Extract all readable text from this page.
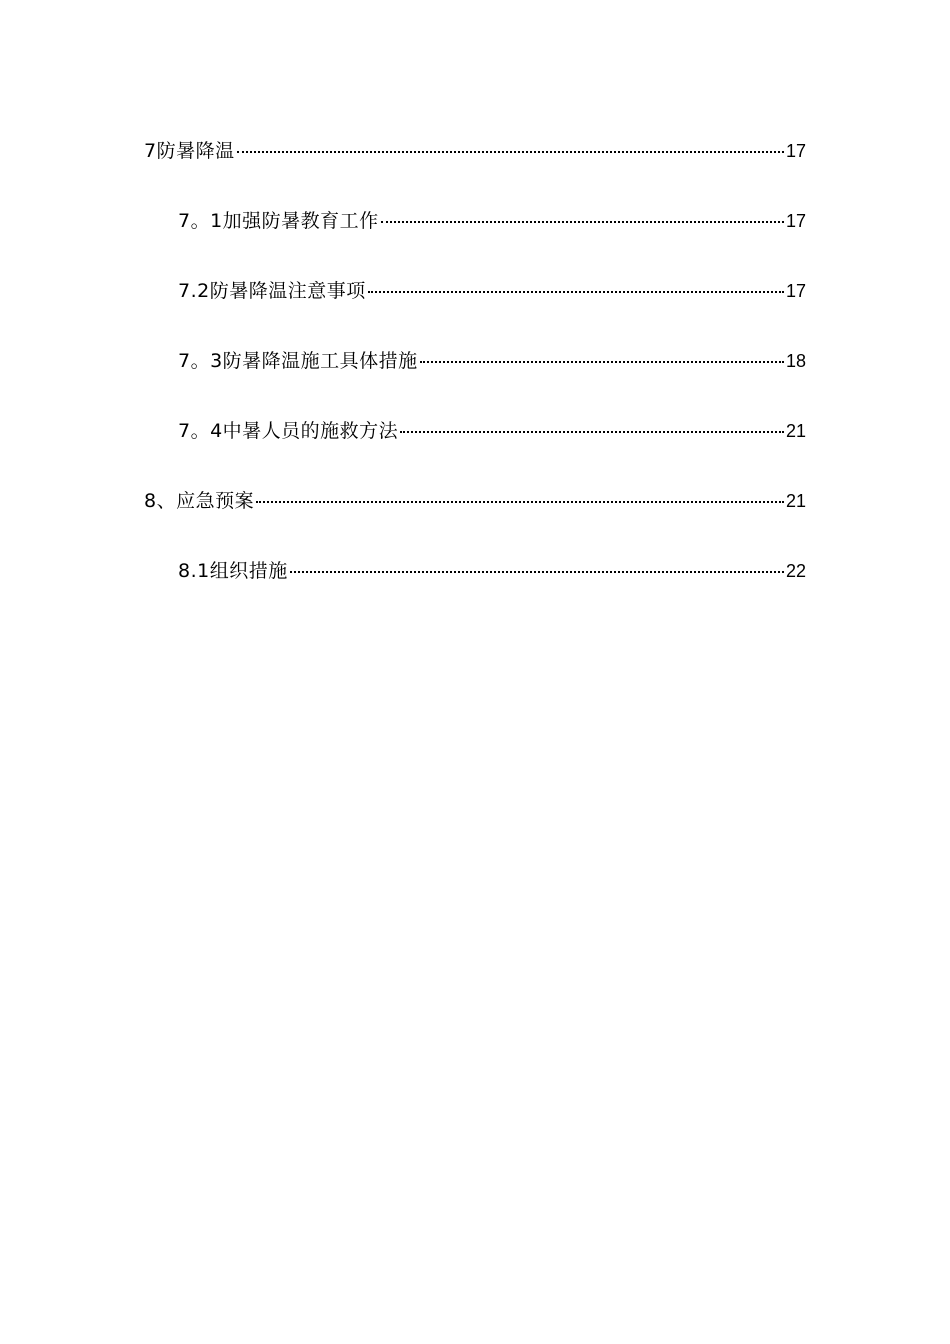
7防暑降温	17
7。1加强防暑教育工作	17
7.2防暑降温注意事项	17
7。3防暑降温施工具体措施	18
7。4中暑人员的施救方法	21
8、应急预案	21
8.1组织措施	22
